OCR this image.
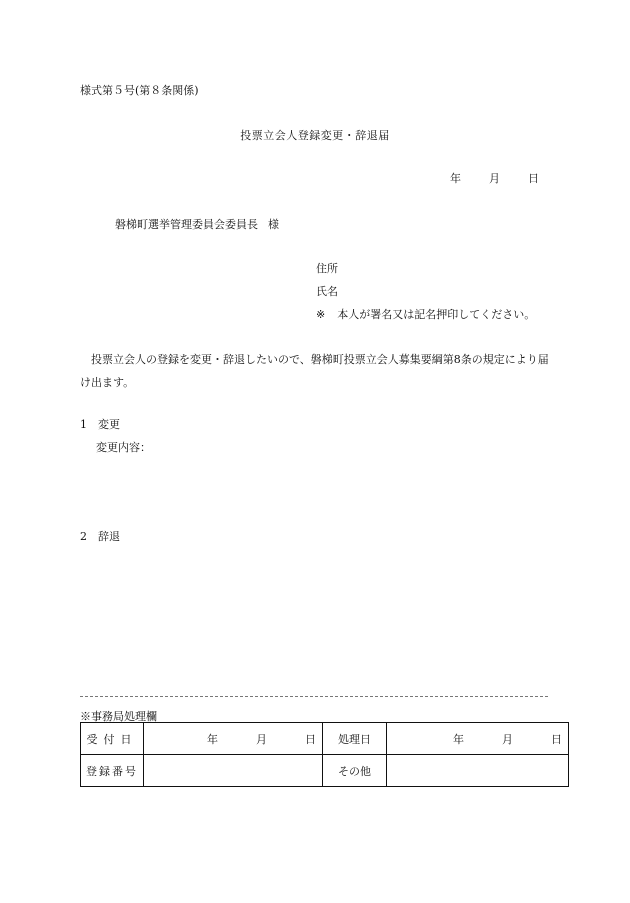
様式第５号(第８条関係)
投票立会人登録変更・辞退届
年	月	日
磐梯町選挙管理委員会委員長 様
住所
氏名
※ 本人が署名又は記名押印してください。
投票立会人の登録を変更・辞退したいので、磐梯町投票立会人募集要綱第8条の規定により届け出ます。
1 変更
変更内容：
2 辞退
※事務局処理欄
受付日	年 月 日	処理日	年 月 日
登録番号		その他	
